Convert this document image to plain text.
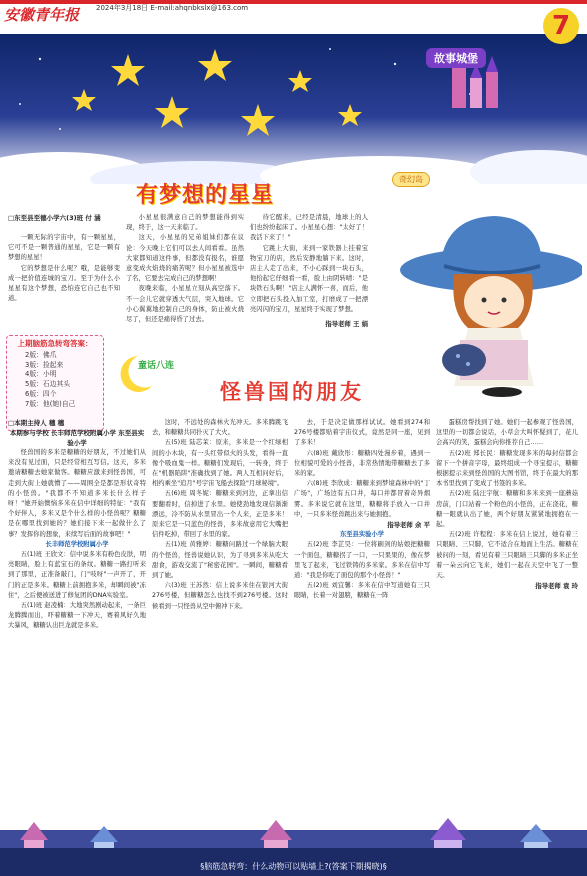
安徽青年报	2024年3月18日 E-mail:ahqnbkslx@163.com
故事城堡
7
有梦想的星星
奇幻岛
□东至县至德小学六(3)班 付 涵

一颗无际的宇宙中，有一颗星星，它可不是一颗普通的星星，它是一颗有梦想的星星！

它的梦想是什么呢？哦，是能够变成一把价值连城的宝刀。至于为什么小星星有这个梦想，恐怕连它自己也不知道。

上期脑筋急转弯答案：
2版：佛爪
3版：捡起来
4版：小明
5版：石边其头
6版：四个
7版：他(她)自己

小星星很满意自己的梦想能得到实现，终于，这一天来临了。

这天，小星星的兄弟姐妹们都在议论：今天晚上它们可以去人间看看。虽然大家都知道这件事，但都没有报名，谁愿意变成火焰烧的痛苦呢？但小星星被选中了名，它要去完成自己的梦想啊！

夜晚来临，小星星立刻从高空落下。不一会儿它就穿透大气层，突入地球。它小心翼翼地控制自己的身体，防止被火烧尽了，但还是痛得昏了过去。

待它醒来，已经是清晨，地球上的人们也纷纷起床了。小星星心想："太好了！我活下来了！"

它跳上大街，来到一家铁器上挂着宝物宝刀的店，然后安静地躺下来。这时，店主人走了出来，不小心踩到一块石头，他拾起它仔细看一看，脸上由阴转晴："是块铁石头啊！"店主人满怀一喜，而后，他立即把石头投入加工室，打磨成了一把漂亮闪闪的宝刀，星星终于实现了梦想。

指导老师 王 娟
童话八连
怪兽国的朋友
□本期主持人 穗 穗
本期参与学校 长丰师范学校附属小学 东至县实验小学

怪兽国的多米是糖糖的好朋友，不过她们从来没有见过面，只是经常相互写信。这天，多米邀请糖糖去她家做客。糖糖应激来到怪兽国，可走到大街上她就懵了——周围全是都是形状奇特的小怪兽。"我都不不知道多米长什么样子呀！"她开始懊恼多米在信中详细的特征："我有个好伴人，多米又是个什么样的小怪兽呢？糖糖是在哪里找到她的？她们接下来一起做什么了事？发挥你的想象，来续写后面的故事吧！"

长丰师范学校附属小学

五(1)班 王欣文：信中说多米有粉色皮肤，明亮眼睛，脸上有蓝宝石的条纹。糖糖一路打听来到了那里，正准备敲门，门"吱呀"一声开了，开门的正是多米。糖糖上前拥抱多米，却瞬间被"冻住"，之后便被送进了修复团的DNA实验室。

五(1)班 赵凌楠：大地突然剧动起来，一条巨龙腾腾而出，吓着糖糖一下冲天，赛着风好久地大暴风，糖糖认出巨龙就是多米。

这时，不远处的森林火光冲天。多米腾跳飞去，和糖糖共同扑灭了大火。

五(5)班 陆芯茉：原来，多米是一个红绿相间的小木块，有一头红带似火的头发，看得一直像个吸血鬼一样。糖糖们发现后，一转身，终于在"机器陷阱"准确找到了她。两人互相问好后，相约乘坐"追月"号宇宙飞船去探险"月球秘境"。

五(6)班 周冬妮：糖糖来到河边，正拿出信要翻看时，信掉进了水里。她使劲地发现信渐渐漂远，冷不防从水里冒出一个人来，正是多米！原来它是一只蓝色的怪兽，多米故意用它大嘴把信件吃掉，带回了水里的家。

五(1)班 黄雅婷：糖糖问路过一个绿脑大眼的个怪兽，怪兽说她认识，为了寻到多米从吃大甜食，游戏交流了"秘密花园"。一瞬间，糖糖看到了她。

六(3)班 王苏然：信上说多米住在银河大街276号楼，但糖糖怎么也找不到276号楼。这时候看到一只怪兽从空中俯冲下来。

去，于是决定做那样试试。她看到274和276号楼都贴着宇宙仪式，竟然是同一座，见到了多米！

六(8)班 戴欣彤：糖糖四处漫步着，遇到一位相貌可爱的小怪兽，非常热情地带糖糖去了多米的家。

六(8)班 李欣成：糖糖来到梦境森林中的"丁广场"，广场边有五口井，每口井都冒着奇异烟雾。多米说它就在这里，糖糖将手放入一口井中，一只多米怪兽跳出来与她拥抱。

指导老师 余 平
东至县实验小学

五(2)班 李芷昊：一位将刷剑的姑娘把糖糖一个面包，糖糖拐了一口，一只果果的，像在梦里飞了起来，飞过铁铸的多米家。多米在信中写道："我是你吃了面包的那个小怪兽！"

五(2)班 刘宜馨：多米在信中写道她有三只眼睛，长着一对翅膀，糖糖在一阵

蛋糕房帮找到了她。她们一起参观了怪兽国，这里的一切都会说话，小草会大叫怀疑到了，花儿会高兴的笑，蛋糕会向你推荐自己……

五(2)班 郑长民：糖糖发现多米的每封信都会留下一个拼音字母，最终组成一个寻宝提示，糖糖根据提示来到怪兽国的大图书馆，终于在最大的那本书里找到了变成了书签的多米。

五(2)班 陆汪宇航：糖糖和多米来到一座蘑菇房前，门口站着一个粉色的小怪兽，正在浇花，糖糖一眼就认出了她，两个好朋友紧紧地拥抱在一起。

五(2)班 许程程：多米在信上说过，她有着三只眼睛、三只脚，它不适合在地面上生活。糖糖在被问的一刻，看见有着三只眼睛三只脚的多米正坐着一朵云向它飞来，她们一起在天空中飞了一整天。

指导老师 袁 玲
§脑筋急转弯：什么动物可以贴墙上?(答案下期揭晓)§
